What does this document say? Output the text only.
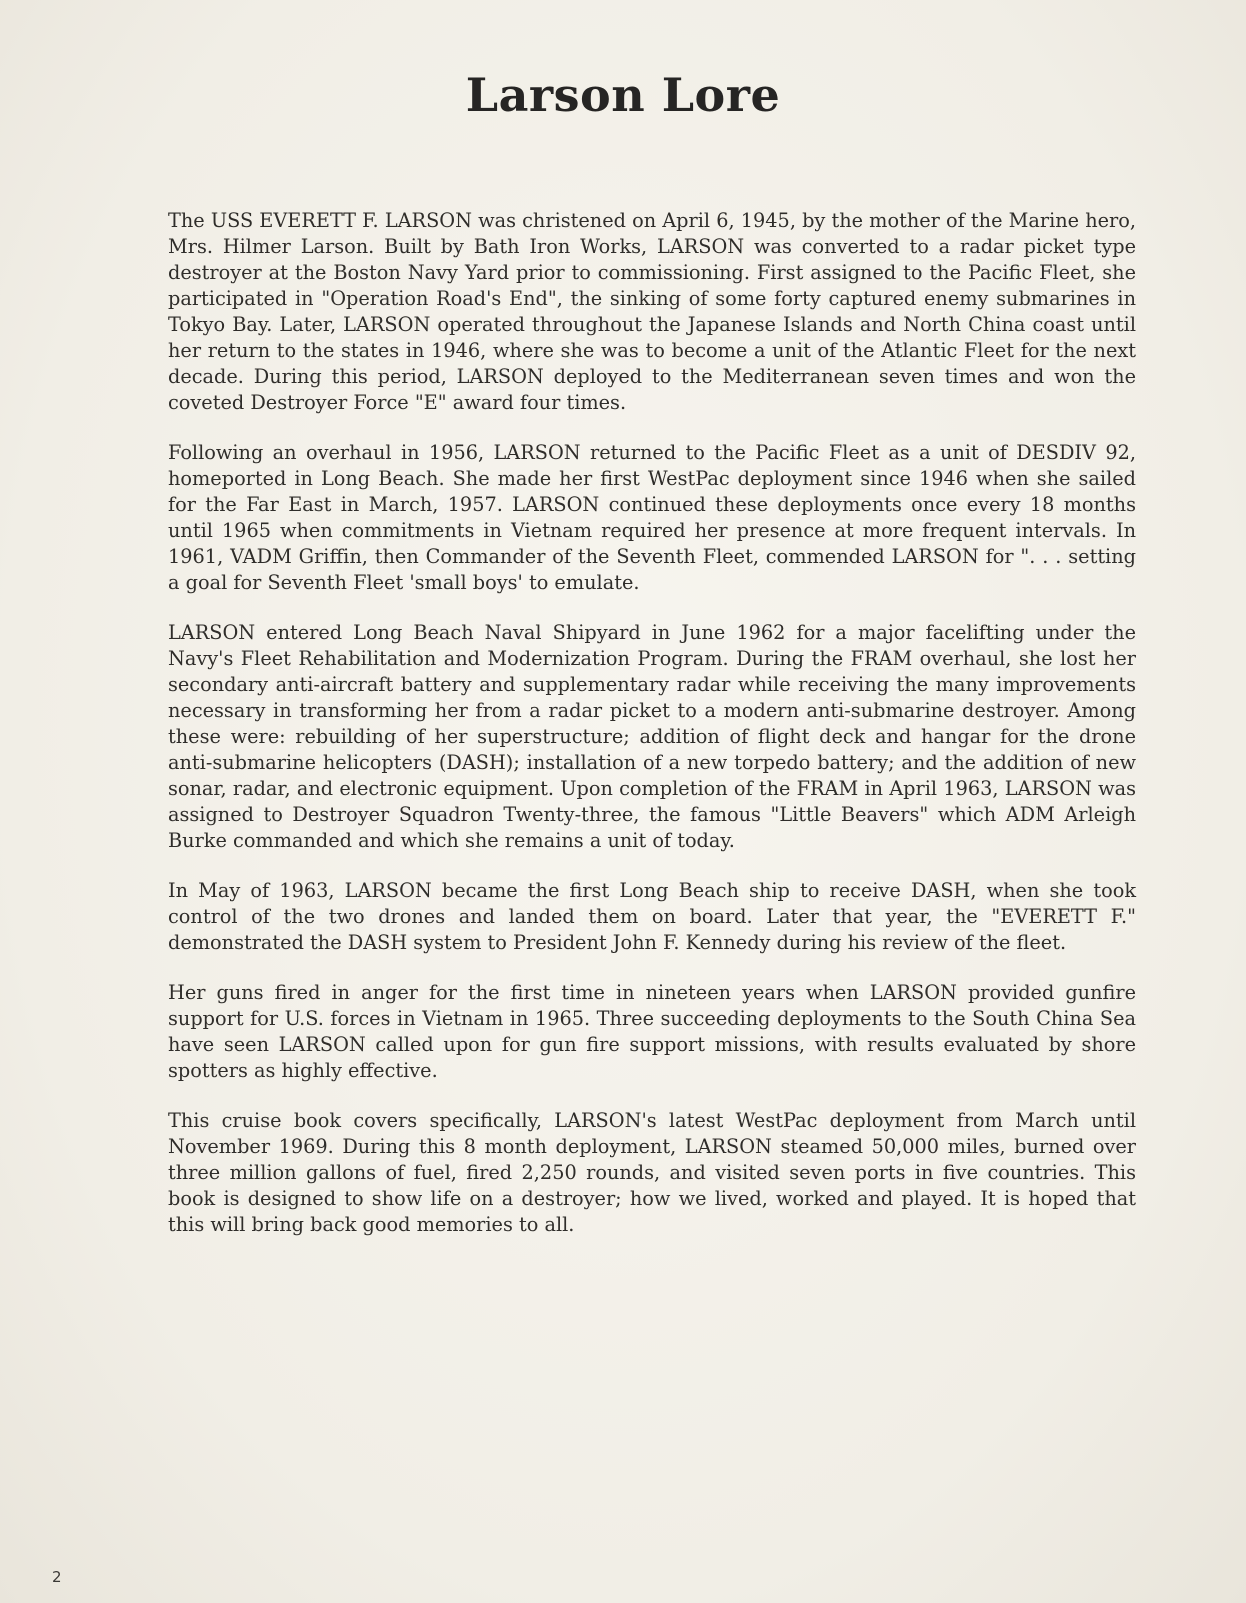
Larson Lore

The USS EVERETT F. LARSON was christened on April 6, 1945, by the mother of the Marine hero, Mrs. Hilmer Larson. Built by Bath Iron Works, LARSON was converted to a radar picket type destroyer at the Boston Navy Yard prior to commissioning. First assigned to the Pacific Fleet, she participated in "Operation Road's End", the sinking of some forty captured enemy submarines in Tokyo Bay. Later, LARSON operated throughout the Japanese Islands and North China coast until her return to the states in 1946, where she was to become a unit of the Atlantic Fleet for the next decade. During this period, LARSON deployed to the Mediterranean seven times and won the coveted Destroyer Force "E" award four times.

Following an overhaul in 1956, LARSON returned to the Pacific Fleet as a unit of DESDIV 92, homeported in Long Beach. She made her first WestPac deployment since 1946 when she sailed for the Far East in March, 1957. LARSON continued these deployments once every 18 months until 1965 when commitments in Vietnam required her presence at more frequent intervals. In 1961, VADM Griffin, then Commander of the Seventh Fleet, commended LARSON for ". . . setting a goal for Seventh Fleet 'small boys' to emulate.

LARSON entered Long Beach Naval Shipyard in June 1962 for a major facelifting under the Navy's Fleet Rehabilitation and Modernization Program. During the FRAM overhaul, she lost her secondary anti-aircraft battery and supplementary radar while receiving the many improvements necessary in transforming her from a radar picket to a modern anti-submarine destroyer. Among these were: rebuilding of her superstructure; addition of flight deck and hangar for the drone anti-submarine helicopters (DASH); installation of a new torpedo battery; and the addition of new sonar, radar, and electronic equipment. Upon completion of the FRAM in April 1963, LARSON was assigned to Destroyer Squadron Twenty-three, the famous "Little Beavers" which ADM Arleigh Burke commanded and which she remains a unit of today.

In May of 1963, LARSON became the first Long Beach ship to receive DASH, when she took control of the two drones and landed them on board. Later that year, the "EVERETT F." demonstrated the DASH system to President John F. Kennedy during his review of the fleet.

Her guns fired in anger for the first time in nineteen years when LARSON provided gunfire support for U.S. forces in Vietnam in 1965. Three succeeding deployments to the South China Sea have seen LARSON called upon for gun fire support missions, with results evaluated by shore spotters as highly effective.

This cruise book covers specifically, LARSON's latest WestPac deployment from March until November 1969. During this 8 month deployment, LARSON steamed 50,000 miles, burned over three million gallons of fuel, fired 2,250 rounds, and visited seven ports in five countries. This book is designed to show life on a destroyer; how we lived, worked and played. It is hoped that this will bring back good memories to all.

2
